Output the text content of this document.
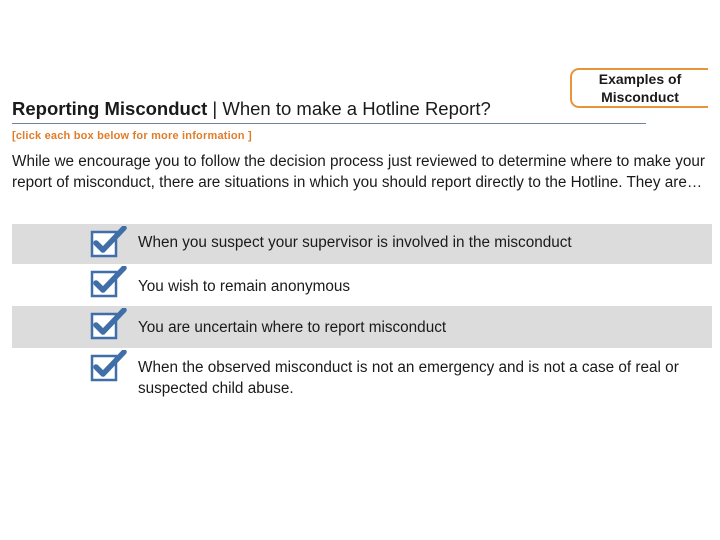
Examples of Misconduct
Reporting Misconduct | When to make a Hotline Report?
[click each box below for more information ]
While we encourage you to follow the decision process just reviewed to determine where to make your report of misconduct, there are situations in which you should report directly to the Hotline. They are…
When you suspect your supervisor is involved in the misconduct
You wish to remain anonymous
You are uncertain where to report misconduct
When the observed misconduct is not an emergency and is not a case of real or suspected child abuse.
